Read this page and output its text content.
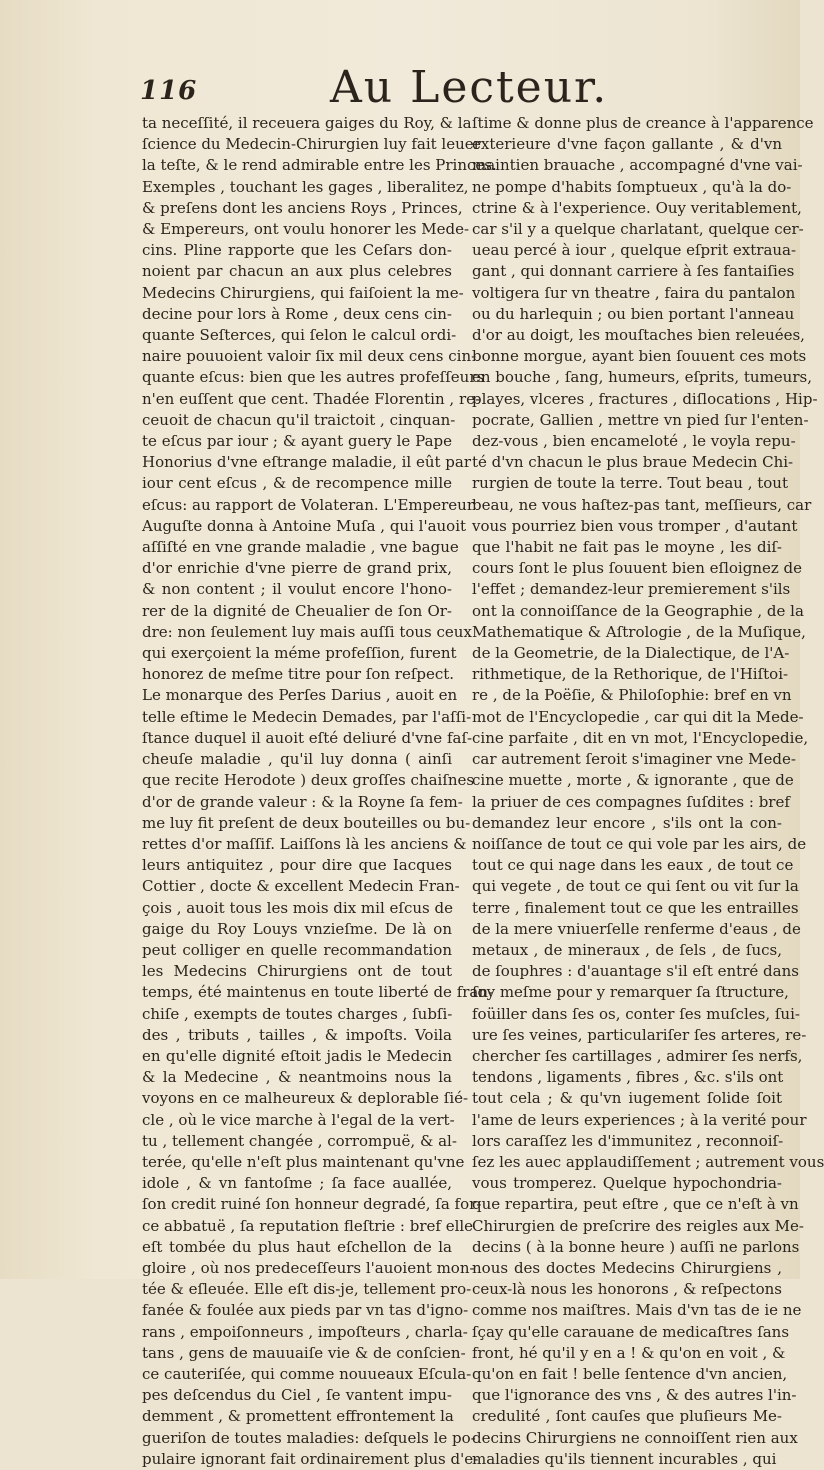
116	Au Lecteur.
ta neceſſité, il receuera gaiges du Roy, & la
ſcience du Medecin-Chirurgien luy fait leuer
la teſte, & le rend admirable entre les Princes.
Exemples , touchant les gages , liberalitez,
& preſens dont les anciens Roys , Princes,
& Empereurs, ont voulu honorer les Mede-
cins. Pline rapporte que les Ceſars don-
noient par chacun an aux plus celebres
Medecins Chirurgiens, qui faiſoient la me-
decine pour lors à Rome , deux cens cin-
quante Seſterces, qui ſelon le calcul ordi-
naire pouuoient valoir ſix mil deux cens cin-
quante eſcus: bien que les autres profeſſeurs
n'en euſſent que cent. Thadée Florentin , re-
ceuoit de chacun qu'il traictoit , cinquan-
te eſcus par iour ; & ayant guery le Pape
Honorius d'vne eſtrange maladie, il eût par
iour cent eſcus , & de recompence mille
eſcus: au rapport de Volateran. L'Empereur
Auguſte donna à Antoine Muſa , qui l'auoit
aſſiſté en vne grande maladie , vne bague
d'or enrichie d'vne pierre de grand prix,
& non content ; il voulut encore l'hono-
rer de la dignité de Cheualier de ſon Or-
dre: non ſeulement luy mais auſſi tous ceux
qui exerçoient la méme profeſſion, furent
honorez de meſme titre pour ſon reſpect.
Le monarque des Perſes Darius , auoit en
telle eſtime le Medecin Demades, par l'aſſi-
ſtance duquel il auoit eſté deliuré d'vne faſ-
cheuſe maladie , qu'il luy donna ( ainſi
que recite Herodote ) deux groſſes chaiſnes
d'or de grande valeur : & la Royne ſa fem-
me luy fit preſent de deux bouteilles ou bu-
rettes d'or maſſif. Laiſſons là les anciens &
leurs antiquitez , pour dire que Iacques
Cottier , docte & excellent Medecin Fran-
çois , auoit tous les mois dix mil eſcus de
gaige du Roy Louys vnzieſme. De là on
peut colliger en quelle recommandation
les Medecins Chirurgiens ont de tout
temps, été maintenus en toute liberté de fran-
chiſe , exempts de toutes charges , ſubſi-
des , tributs , tailles , & impoſts. Voila
en qu'elle dignité eſtoit jadis le Medecin
& la Medecine , & neantmoins nous la
voyons en ce malheureux & deplorable ſié-
cle , où le vice marche à l'egal de la vert-
tu , tellement changée , corrompuë, & al-
terée, qu'elle n'eſt plus maintenant qu'vne
idole , & vn fantoſme ; ſa face auallée,
ſon credit ruiné ſon honneur degradé, ſa for-
ce abbatuë , ſa reputation fleſtrie : bref elle
eſt tombée du plus haut eſchellon de la
gloire , où nos predeceſſeurs l'auoient mon-
tée & eſleuée. Elle eſt dis-je, tellement pro-
fanée & foulée aux pieds par vn tas d'igno-
rans , empoiſonneurs , impoſteurs , charla-
tans , gens de mauuaiſe vie & de conſcien-
ce cauteriſée, qui comme nouueaux Eſcula-
pes deſcendus du Ciel , ſe vantent impu-
demment , & promettent effrontement la
gueriſon de toutes maladies: deſquels le po-
pulaire ignorant fait ordinairement plus d'e-
ſtime & donne plus de creance à l'apparence
exterieure d'vne façon gallante , & d'vn
maintien brauache , accompagné d'vne vai-
ne pompe d'habits ſomptueux , qu'à la do-
ctrine & à l'experience. Ouy veritablement,
car s'il y a quelque charlatant, quelque cer-
ueau percé à iour , quelque eſprit extraua-
gant , qui donnant carriere à ſes fantaiſies
voltigera ſur vn theatre , faira du pantalon
ou du harlequin ; ou bien portant l'anneau
d'or au doigt, les mouſtaches bien releuées,
bonne morgue, ayant bien ſouuent ces mots
en bouche , ſang, humeurs, eſprits, tumeurs,
playes, vlceres , fractures , diſlocations , Hip-
pocrate, Gallien , mettre vn pied ſur l'enten-
dez-vous , bien encameloté , le voyla repu-
té d'vn chacun le plus braue Medecin Chi-
rurgien de toute la terre. Tout beau , tout
beau, ne vous haſtez-pas tant, meſſieurs, car
vous pourriez bien vous tromper , d'autant
que l'habit ne fait pas le moyne , les diſ-
cours ſont le plus ſouuent bien eſloignez de
l'effet ; demandez-leur premierement s'ils
ont la connoiſſance de la Geographie , de la
Mathematique & Aſtrologie , de la Muſique,
de la Geometrie, de la Dialectique, de l'A-
rithmetique, de la Rethorique, de l'Hiſtoi-
re , de la Poëſie, & Philoſophie: bref en vn
mot de l'Encyclopedie , car qui dit la Mede-
cine parfaite , dit en vn mot, l'Encyclopedie,
car autrement ſeroit s'imaginer vne Mede-
cine muette , morte , & ignorante , que de
la priuer de ces compagnes ſuſdites : bref
demandez leur encore , s'ils ont la con-
noiſſance de tout ce qui vole par les airs, de
tout ce qui nage dans les eaux , de tout ce
qui vegete , de tout ce qui ſent ou vit ſur la
terre , finalement tout ce que les entrailles
de la mere vniuerſelle renferme d'eaus , de
metaux , de mineraux , de ſels , de ſucs,
de ſouphres : d'auantage s'il eſt entré dans
ſoy meſme pour y remarquer ſa ſtructure,
foüiller dans ſes os, conter ſes muſcles, ſui-
ure ſes veines, particulariſer ſes arteres, re-
chercher ſes cartillages , admirer ſes nerfs,
tendons , ligaments , fibres , &c. s'ils ont
tout cela ; & qu'vn iugement ſolide ſoit
l'ame de leurs experiences ; à la verité pour
lors caraſſez les d'immunitez , reconnoiſ-
ſez les auec applaudiſſement ; autrement vous
vous tromperez. Quelque hypochondria-
que repartira, peut eſtre , que ce n'eſt à vn
Chirurgien de preſcrire des reigles aux Me-
decins ( à la bonne heure ) auſſi ne parlons
nous des doctes Medecins Chirurgiens ,
ceux-là nous les honorons , & reſpectons
comme nos maiſtres. Mais d'vn tas de ie ne
ſçay qu'elle carauane de medicaſtres ſans
front, hé qu'il y en a ! & qu'on en voit , &
qu'on en fait ! belle ſentence d'vn ancien,
que l'ignorance des vns , & des autres l'in-
credulité , ſont cauſes que pluſieurs Me-
decins Chirurgiens ne connoiſſent rien aux
maladies qu'ils tiennent incurables , qui
